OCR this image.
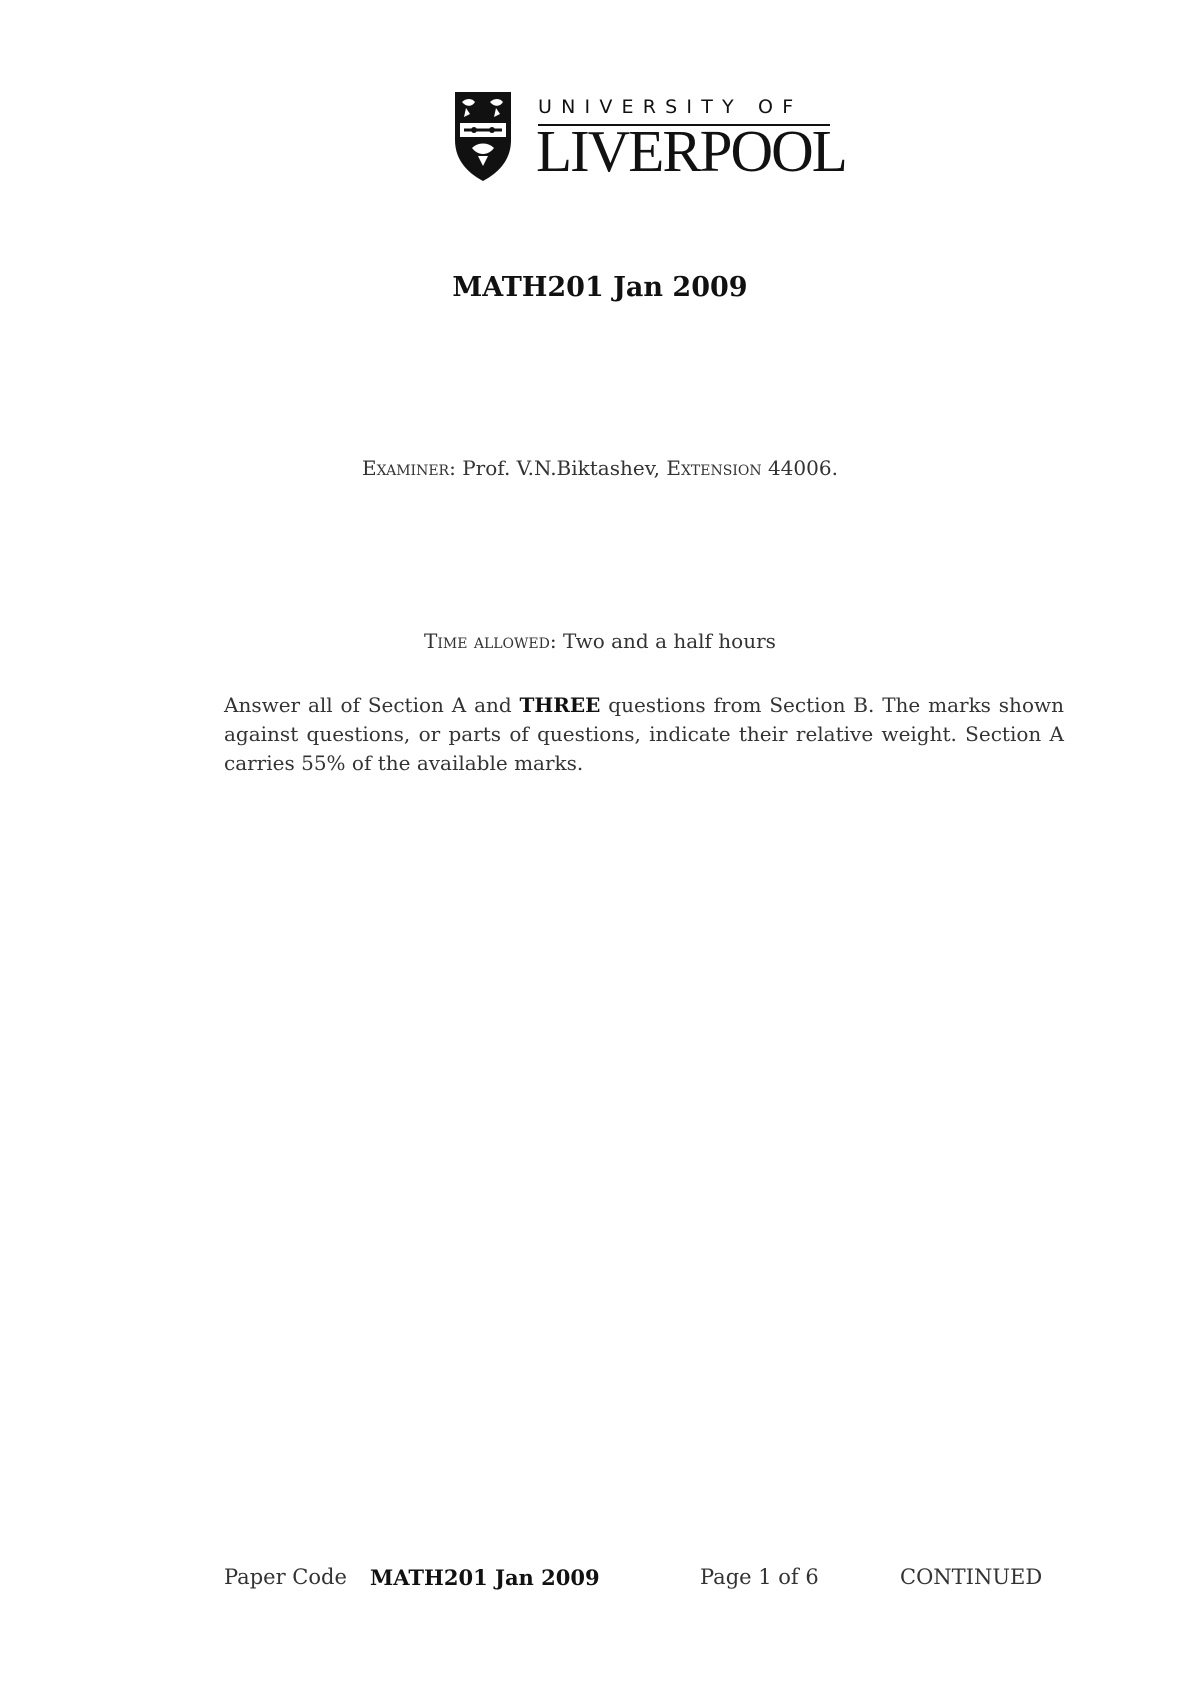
UNIVERSITY OF
LIVERPOOL
MATH201 Jan 2009
Examiner: Prof. V.N.Biktashev, Extension 44006.
Time allowed: Two and a half hours
Answer all of Section A and THREE questions from Section B. The marks shown against questions, or parts of questions, indicate their relative weight. Section A carries 55% of the available marks.
Paper Code MATH201 Jan 2009	Page 1 of 6	CONTINUED
